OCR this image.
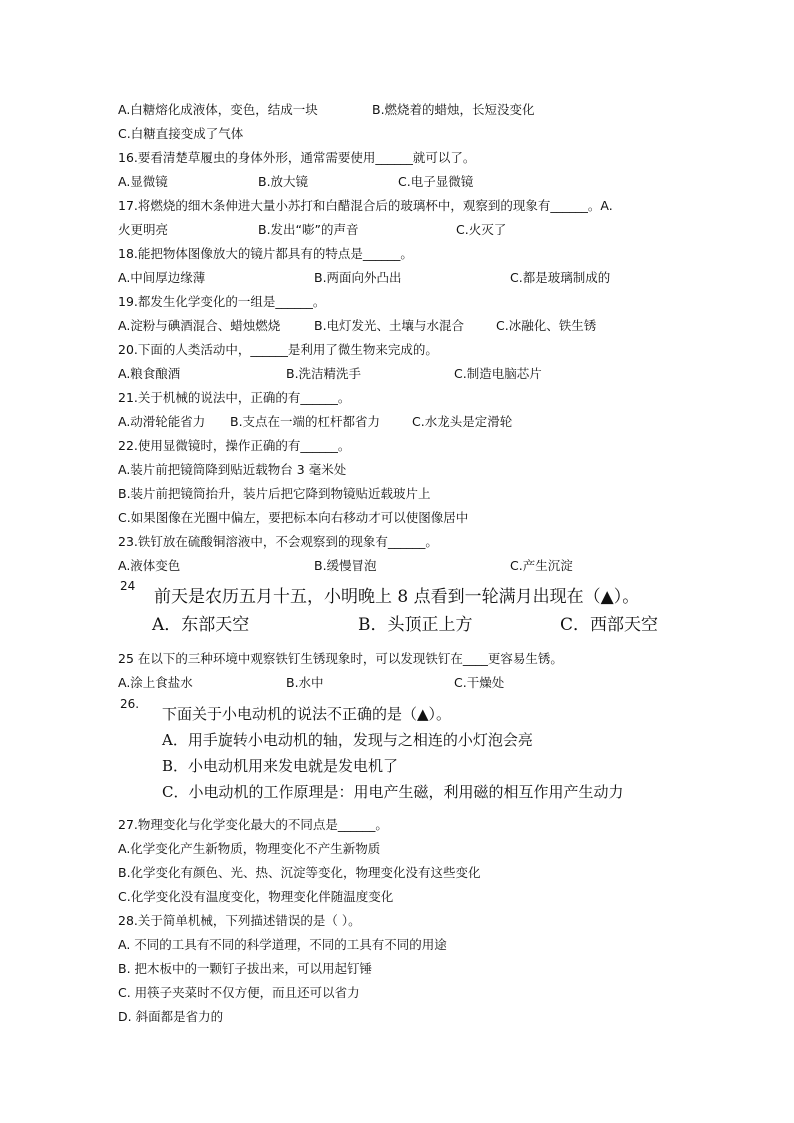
A.白糖熔化成液体，变色，结成一块

	B.燃烧着的蜡烛，长短没变化

C.白糖直接变成了气体
16.要看清楚草履虫的身体外形，通常需要使用______就可以了。

A.显微镜

	B.放大镜

	C.电子显微镜

17.将燃烧的细木条伸进大量小苏打和白醋混合后的玻璃杯中，观察到的现象有______。A.

火更明亮

	B.发出“嘭”的声音

	C.火灭了

18.能把物体图像放大的镜片都具有的特点是______。

A.中间厚边缘薄

	B.两面向外凸出

	C.都是玻璃制成的

19.都发生化学变化的一组是______。

A.淀粉与碘酒混合、蜡烛燃烧

	B.电灯发光、土壤与水混合

	C.冰融化、铁生锈

20.下面的人类活动中，______是利用了微生物来完成的。

A.粮食酿酒

	B.洗洁精洗手

	C.制造电脑芯片

21.关于机械的说法中，正确的有______。

A.动滑轮能省力

B.支点在一端的杠杆都省力

	C.水龙头是定滑轮

22.使用显微镜时，操作正确的有______。
A.装片前把镜筒降到贴近载物台 3 毫米处
B.装片前把镜筒抬升，装片后把它降到物镜贴近载玻片上
C.如果图像在光圈中偏左，要把标本向右移动才可以使图像居中
23.铁钉放在硫酸铜溶液中，不会观察到的现象有______。

A.液体变色

	B.缓慢冒泡

	C.产生沉淀

24
前天是农历五月十五，小明晚上 8 点看到一轮满月出现在（▲）。

A．东部天空

	B．头顶正上方

	C．西部天空

25 在以下的三种环境中观察铁钉生锈现象时，可以发现铁钉在____更容易生锈。

A.涂上食盐水

	B.水中

	C.干燥处

26.
下面关于小电动机的说法不正确的是（▲）。
A．用手旋转小电动机的轴，发现与之相连的小灯泡会亮
B．小电动机用来发电就是发电机了
C．小电动机的工作原理是：用电产生磁，利用磁的相互作用产生动力
27.物理变化与化学变化最大的不同点是______。
A.化学变化产生新物质，物理变化不产生新物质
B.化学变化有颜色、光、热、沉淀等变化，物理变化没有这些变化
C.化学变化没有温度变化，物理变化伴随温度变化
28.关于简单机械，下列描述错误的是（ ）。
A. 不同的工具有不同的科学道理，不同的工具有不同的用途
B. 把木板中的一颗钉子拔出来，可以用起钉锤
C. 用筷子夹菜时不仅方便，而且还可以省力
D. 斜面都是省力的
